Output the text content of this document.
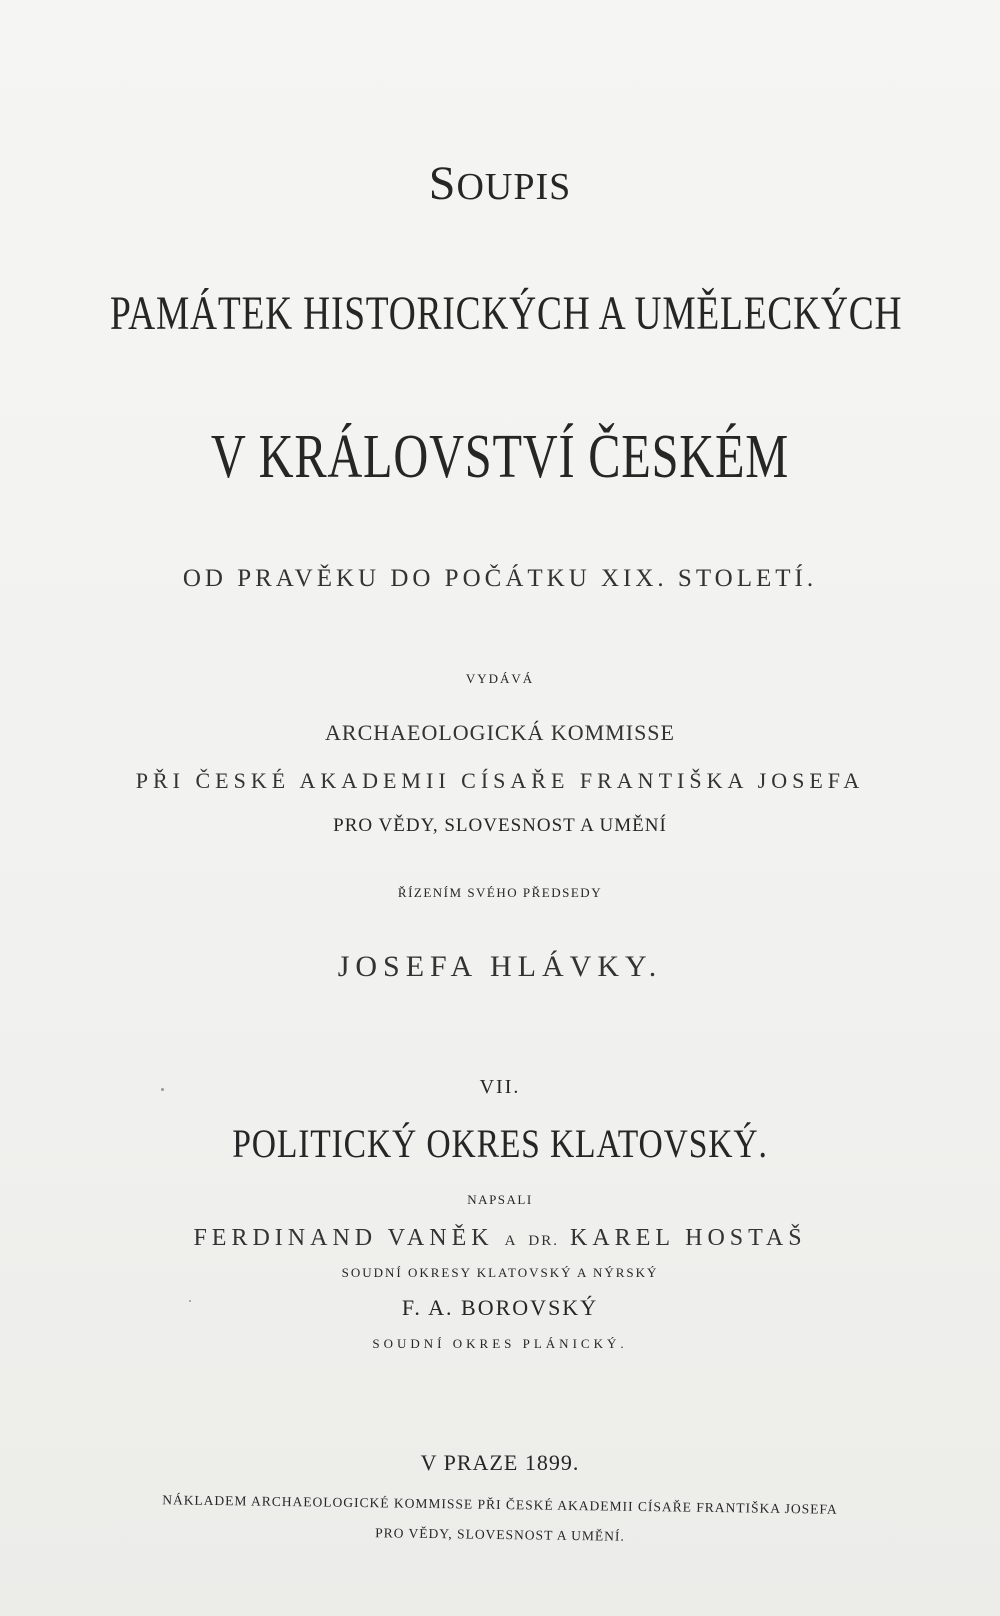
SOUPIS
PAMÁTEK HISTORICKÝCH A UMĚLECKÝCH
V KRÁLOVSTVÍ ČESKÉM
OD PRAVĚKU DO POČÁTKU XIX. STOLETÍ.
VYDÁVÁ
ARCHAEOLOGICKÁ KOMMISSE
PŘI ČESKÉ AKADEMII CÍSAŘE FRANTIŠKA JOSEFA
PRO VĚDY, SLOVESNOST A UMĚNÍ
ŘÍZENÍM SVÉHO PŘEDSEDY
JOSEFA HLÁVKY.
VII.
POLITICKÝ OKRES KLATOVSKÝ.
NAPSALI
FERDINAND VANĚK A DR. KAREL HOSTAŠ
SOUDNÍ OKRESY KLATOVSKÝ A NÝRSKÝ
F. A. BOROVSKÝ
SOUDNÍ OKRES PLÁNICKÝ.
V PRAZE 1899.
NÁKLADEM ARCHAEOLOGICKÉ KOMMISSE PŘI ČESKÉ AKADEMII CÍSAŘE FRANTIŠKA JOSEFA
PRO VĚDY, SLOVESNOST A UMĚNÍ.
